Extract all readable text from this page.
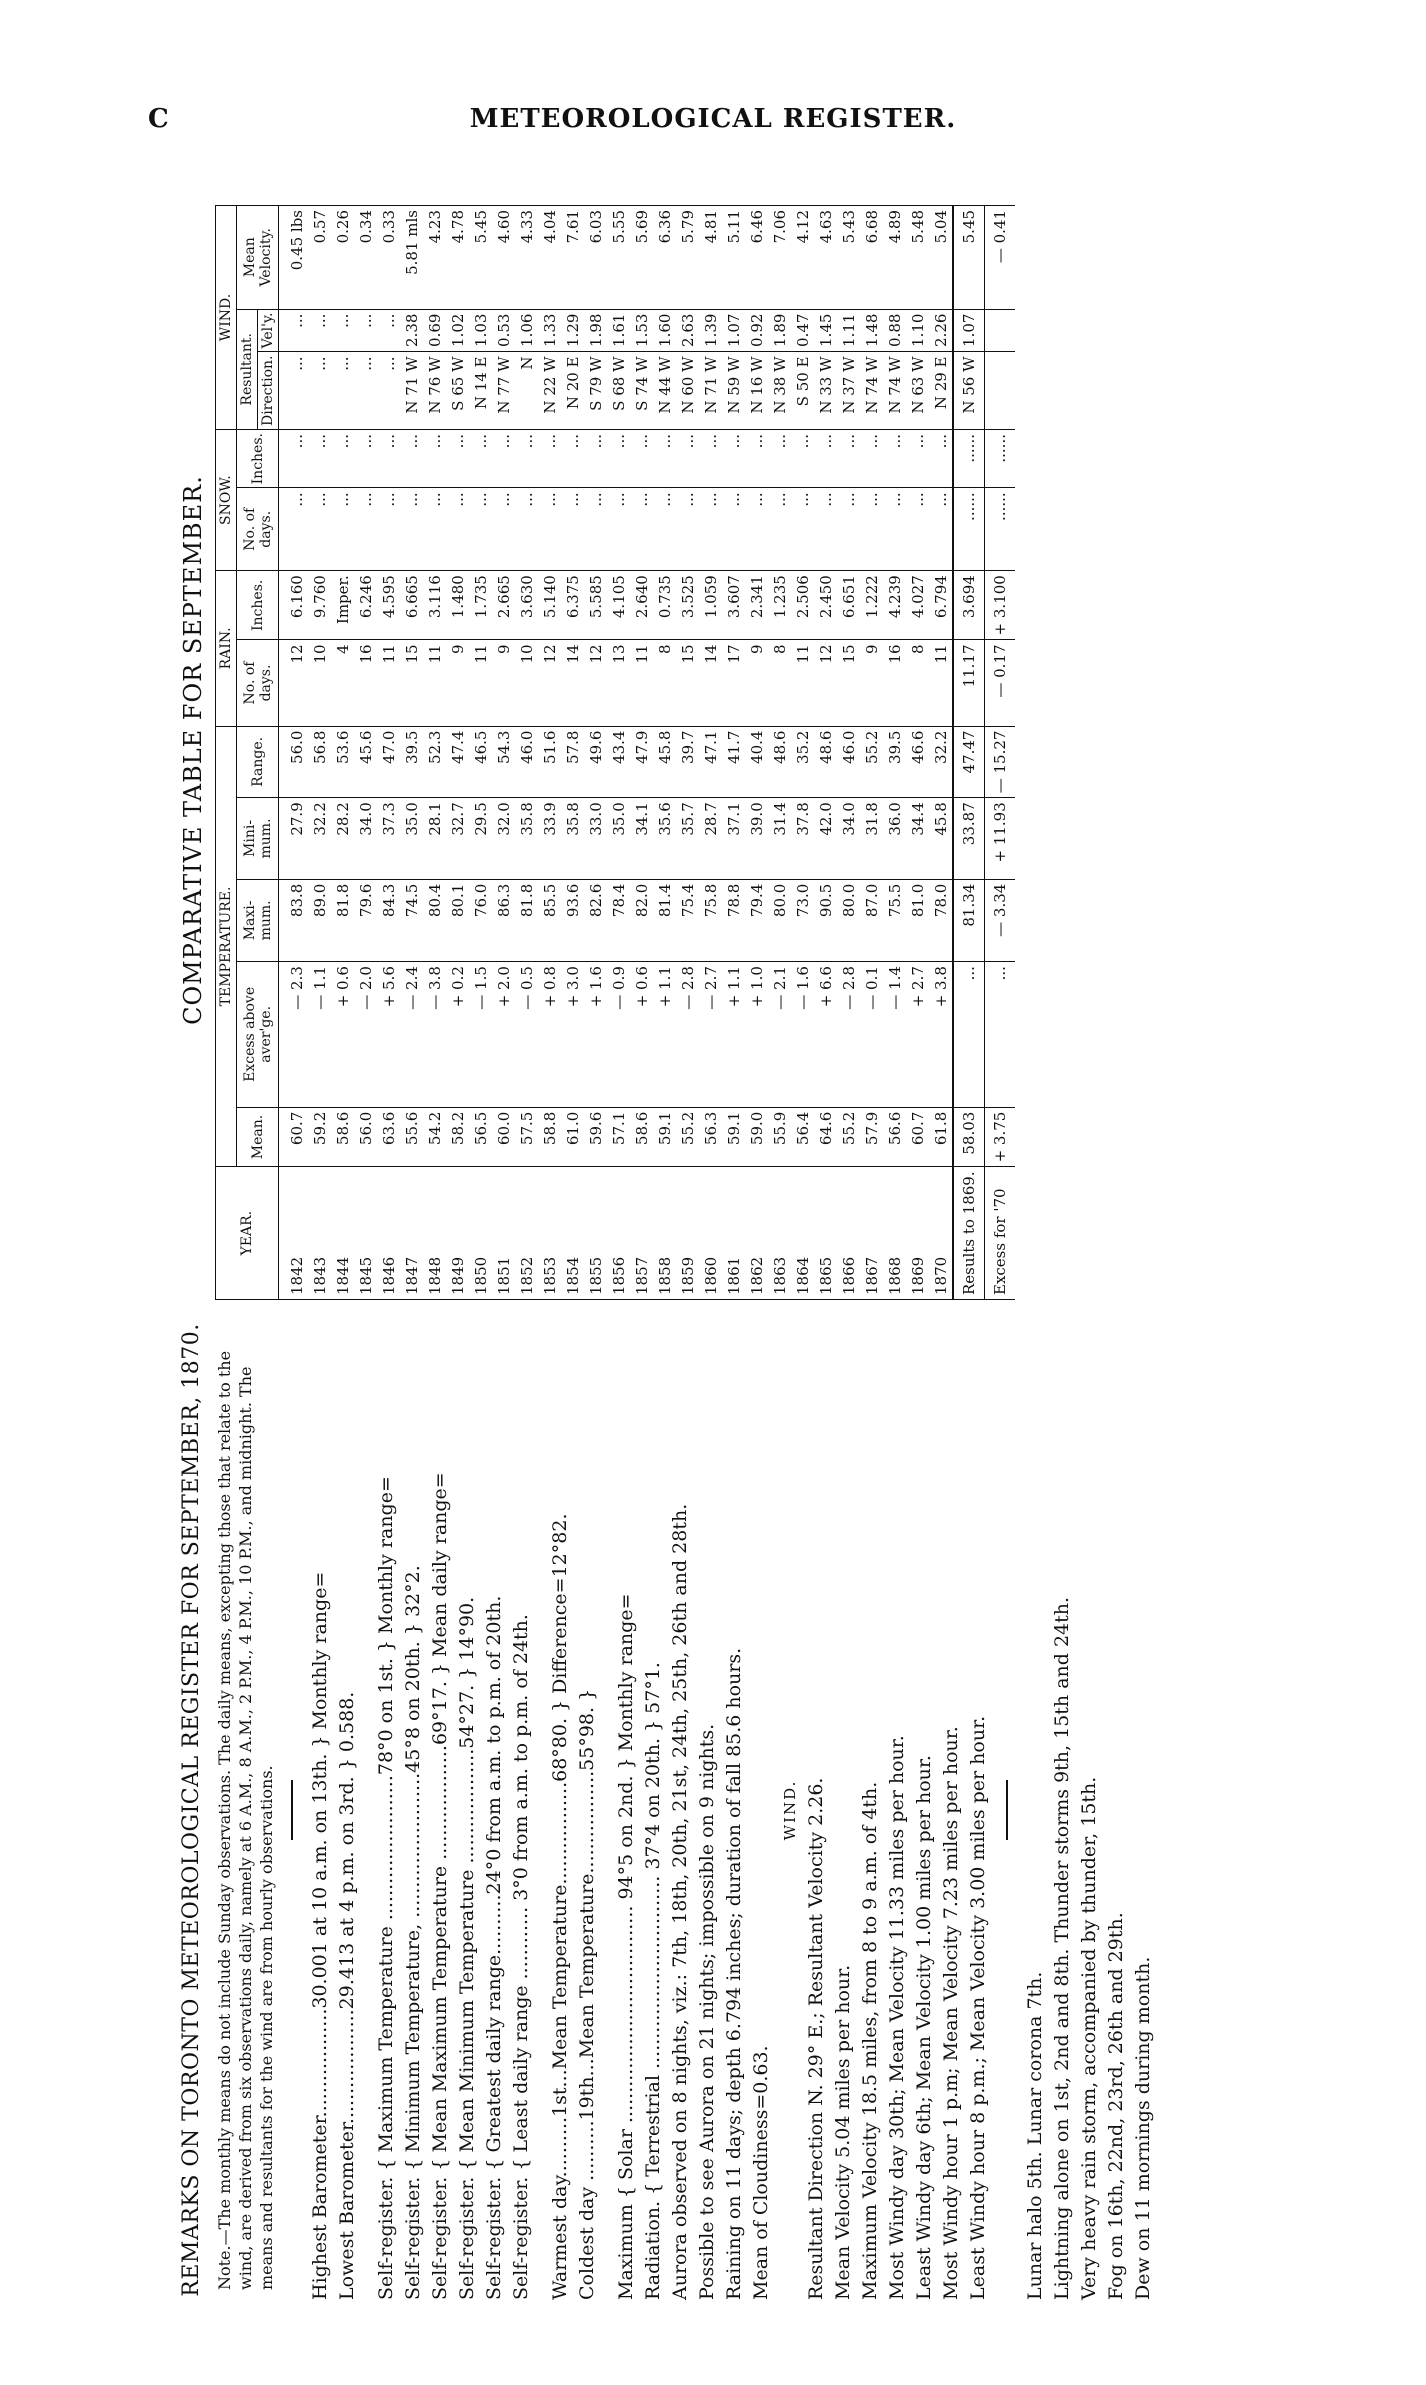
C	METEOROLOGICAL REGISTER.
REMARKS ON TORONTO METEOROLOGICAL REGISTER FOR SEPTEMBER, 1870. Note.—The monthly means do not include Sunday observations. The daily means, excepting those that relate to the wind, are derived from six observations daily, namely at 6 A.M., 8 A.M., 2 P.M., 4 P.M., 10 P.M., and midnight. The means and resultants for the wind are from hourly observations. Highest Barometer..................30.001 at 10 a.m. on 13th. } Monthly range= Lowest Barometer...................29.413 at 4 p.m. on 3rd. } 0.588. Self-register. { Maximum Temperature ........................78°0 on 1st. } Monthly range= Self-register. { Minimum Temperature, ........................45°8 on 20th. } 32°2. Self-register. { Mean Maximum Temperature ...................69°17. } Mean daily range= Self-register. { Mean Minimum Temperature ...................54°27. } 14°90. Self-register. { Greatest daily range..........24°0 from a.m. to p.m. of 20th. Self-register. { Least daily range ............ 3°0 from a.m. to p.m. of 24th. Warmest day..........1st...Mean Temperature.................68°80. } Difference=12°82. Coldest day ..........19th...Mean Temperature.................55°98. } Maximum { Solar .................................... 94°5 on 2nd. } Monthly range= Radiation. { Terrestrial ................................ 37°4 on 20th. } 57°1. Aurora observed on 8 nights, viz.: 7th, 18th, 20th, 21st, 24th, 25th, 26th and 28th. Possible to see Aurora on 21 nights; impossible on 9 nights. Raining on 11 days; depth 6.794 inches; duration of fall 85.6 hours. Mean of Cloudiness=0.63.
WIND. Resultant Direction N. 29° E.; Resultant Velocity 2.26. Mean Velocity 5.04 miles per hour. Maximum Velocity 18.5 miles, from 8 to 9 a.m. of 4th. Most Windy day 30th; Mean Velocity 11.33 miles per hour. Least Windy day 6th; Mean Velocity 1.00 miles per hour. Most Windy hour 1 p.m; Mean Velocity 7.23 miles per hour. Least Windy hour 8 p.m.; Mean Velocity 3.00 miles per hour. Lunar halo 5th. Lunar corona 7th. Lightning alone on 1st, 2nd and 8th. Thunder storms 9th, 15th and 24th. Very heavy rain storm, accompanied by thunder, 15th. Fog on 16th, 22nd, 23rd, 26th and 29th. Dew on 11 mornings during month.
COMPARATIVE TABLE FOR SEPTEMBER.
YEAR.	TEMPERATURE.					RAIN.		SNOW.		WIND.		
	Mean.	Excess above aver'ge.	Maxi-mum.	Mini-mum.	Range.	No. of days.	Inches.	No. of days.	Inches.	Resultant.		Mean Velocity.
										Direction.	Vel'y.	
1842	60.7	— 2.3	83.8	27.9	56.0	12	6.160	...	...	...	...	0.45 lbs
1843	59.2	— 1.1	89.0	32.2	56.8	10	9.760	...	...	...	...	0.57
1844	58.6	+ 0.6	81.8	28.2	53.6	4	Imper.	...	...	...	...	0.26
1845	56.0	— 2.0	79.6	34.0	45.6	16	6.246	...	...	...	...	0.34
1846	63.6	+ 5.6	84.3	37.3	47.0	11	4.595	...	...	...	...	0.33
1847	55.6	— 2.4	74.5	35.0	39.5	15	6.665	...	...	N 71 W	2.38	5.81 mls
1848	54.2	— 3.8	80.4	28.1	52.3	11	3.116	...	...	N 76 W	0.69	4.23
1849	58.2	+ 0.2	80.1	32.7	47.4	9	1.480	...	...	S 65 W	1.02	4.78
1850	56.5	— 1.5	76.0	29.5	46.5	11	1.735	...	...	N 14 E	1.03	5.45
1851	60.0	+ 2.0	86.3	32.0	54.3	9	2.665	...	...	N 77 W	0.53	4.60
1852	57.5	— 0.5	81.8	35.8	46.0	10	3.630	...	...	N	1.06	4.33
1853	58.8	+ 0.8	85.5	33.9	51.6	12	5.140	...	...	N 22 W	1.33	4.04
1854	61.0	+ 3.0	93.6	35.8	57.8	14	6.375	...	...	N 20 E	1.29	7.61
1855	59.6	+ 1.6	82.6	33.0	49.6	12	5.585	...	...	S 79 W	1.98	6.03
1856	57.1	— 0.9	78.4	35.0	43.4	13	4.105	...	...	S 68 W	1.61	5.55
1857	58.6	+ 0.6	82.0	34.1	47.9	11	2.640	...	...	S 74 W	1.53	5.69
1858	59.1	+ 1.1	81.4	35.6	45.8	8	0.735	...	...	N 44 W	1.60	6.36
1859	55.2	— 2.8	75.4	35.7	39.7	15	3.525	...	...	N 60 W	2.63	5.79
1860	56.3	— 2.7	75.8	28.7	47.1	14	1.059	...	...	N 71 W	1.39	4.81
1861	59.1	+ 1.1	78.8	37.1	41.7	17	3.607	...	...	N 59 W	1.07	5.11
1862	59.0	+ 1.0	79.4	39.0	40.4	9	2.341	...	...	N 16 W	0.92	6.46
1863	55.9	— 2.1	80.0	31.4	48.6	8	1.235	...	...	N 38 W	1.89	7.06
1864	56.4	— 1.6	73.0	37.8	35.2	11	2.506	...	...	S 50 E	0.47	4.12
1865	64.6	+ 6.6	90.5	42.0	48.6	12	2.450	...	...	N 33 W	1.45	4.63
1866	55.2	— 2.8	80.0	34.0	46.0	15	6.651	...	...	N 37 W	1.11	5.43
1867	57.9	— 0.1	87.0	31.8	55.2	9	1.222	...	...	N 74 W	1.48	6.68
1868	56.6	— 1.4	75.5	36.0	39.5	16	4.239	...	...	N 74 W	0.88	4.89
1869	60.7	+ 2.7	81.0	34.4	46.6	8	4.027	...	...	N 63 W	1.10	5.48
1870	61.8	+ 3.8	78.0	45.8	32.2	11	6.794	...	...	N 29 E	2.26	5.04
Results to 1869.	58.03	...	81.34	33.87	47.47	11.17	3.694	......	......	N 56 W	1.07	5.45
Excess for '70	+ 3.75	...	— 3.34	+ 11.93	— 15.27	— 0.17	+ 3.100	......	......			— 0.41
